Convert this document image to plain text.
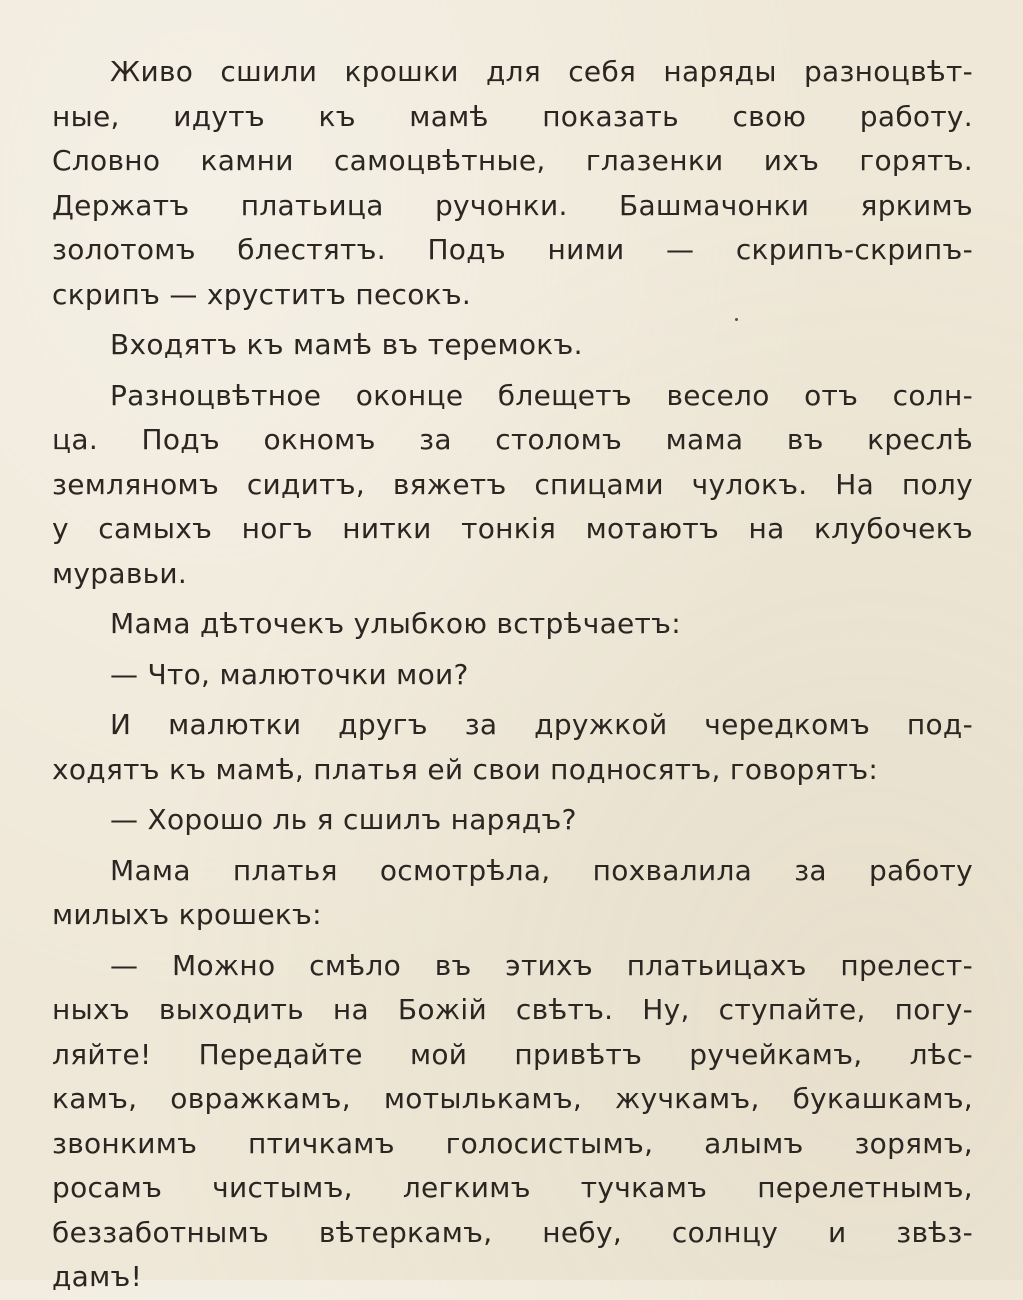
Живо сшили крошки для себя наряды разноцвѣт-
ные, идутъ къ мамѣ показать свою работу.
Словно камни самоцвѣтные, глазенки ихъ горятъ.
Держатъ платьица ручонки. Башмачонки яркимъ
золотомъ блестятъ. Подъ ними — скрипъ-скрипъ-
скрипъ — хруститъ песокъ.

Входятъ къ мамѣ въ теремокъ.

Разноцвѣтное оконце блещетъ весело отъ солн-
ца. Подъ окномъ за столомъ мама въ креслѣ
земляномъ сидитъ, вяжетъ спицами чулокъ. На полу
у самыхъ ногъ нитки тонкія мотаютъ на клубочекъ
муравьи.

Мама дѣточекъ улыбкою встрѣчаетъ:

— Что, малюточки мои?

И малютки другъ за дружкой чередкомъ под-
ходятъ къ мамѣ, платья ей свои подносятъ, говорятъ:

— Хорошо ль я сшилъ нарядъ?

Мама платья осмотрѣла, похвалила за работу
милыхъ крошекъ:

— Можно смѣло въ этихъ платьицахъ прелест-
ныхъ выходить на Божій свѣтъ. Ну, ступайте, погу-
ляйте! Передайте мой привѣтъ ручейкамъ, лѣс-
камъ, овражкамъ, мотылькамъ, жучкамъ, букашкамъ,
звонкимъ птичкамъ голосистымъ, алымъ зорямъ,
росамъ чистымъ, легкимъ тучкамъ перелетнымъ,
беззаботнымъ вѣтеркамъ, небу, солнцу и звѣз-
дамъ!
